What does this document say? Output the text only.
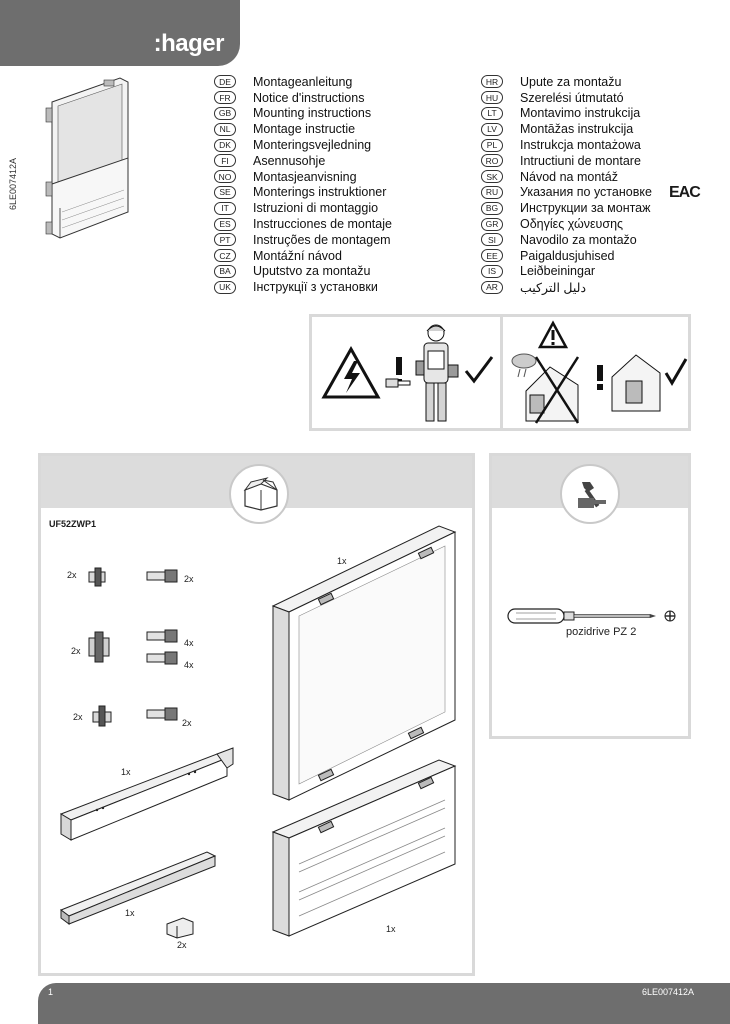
:hager
6LE007412A
DE	Montageanleitung
FR	Notice d'instructions
GB	Mounting instructions
NL	Montage instructie
DK	Monteringsvejledning
FI	Asennusohje
NO	Montasjeanvisning
SE	Monterings instruktioner
IT	Istruzioni di montaggio
ES	Instrucciones de montaje
PT	Instruções de montagem
CZ	Montážní návod
BA	Uputstvo za montažu
UK	Інструкції з установки
HR	Upute za montažu
HU	Szerelési útmutató
LT	Montavimo instrukcija
LV	Montāžas instrukcija
PL	Instrukcja montażowa
RO	Intructiuni de montare
SK	Návod na montáž
RU	Указания по установке
BG	Инструкции за монтаж
GR	Οδηγίες χώνευσης
SI	Navodilo za montažo
EE	Paigaldusjuhised
IS	Leiðbeiningar
AR	دليل التركيب
EAC
UF52ZWP1
2x	2x
2x
4x
4x
2x
2x
1x
1x
2x
1x
1x
pozidrive PZ 2
1	6LE007412A
